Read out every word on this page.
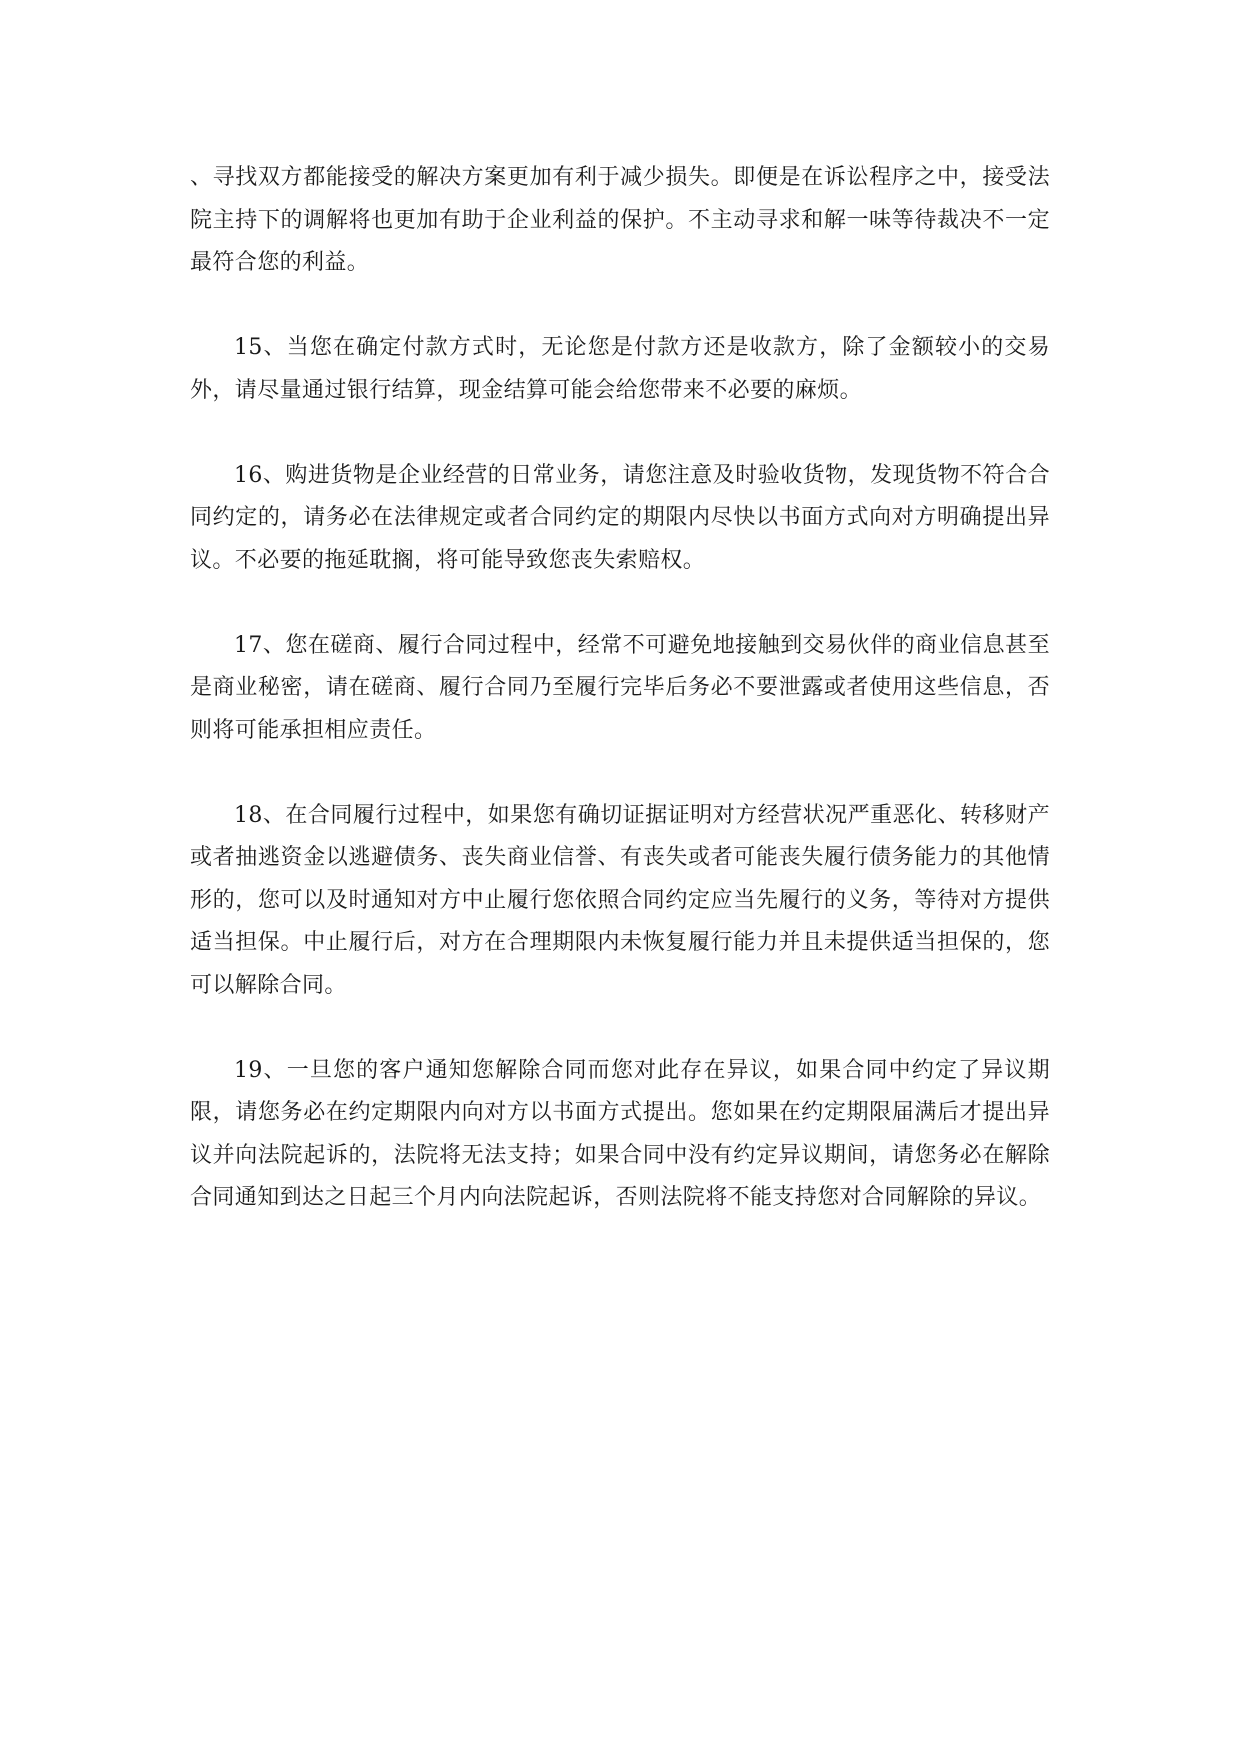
、寻找双方都能接受的解决方案更加有利于减少损失。即便是在诉讼程序之中，接受法院主持下的调解将也更加有助于企业利益的保护。不主动寻求和解一味等待裁决不一定最符合您的利益。

15、当您在确定付款方式时，无论您是付款方还是收款方，除了金额较小的交易外，请尽量通过银行结算，现金结算可能会给您带来不必要的麻烦。

16、购进货物是企业经营的日常业务，请您注意及时验收货物，发现货物不符合合同约定的，请务必在法律规定或者合同约定的期限内尽快以书面方式向对方明确提出异议。不必要的拖延耽搁，将可能导致您丧失索赔权。

17、您在磋商、履行合同过程中，经常不可避免地接触到交易伙伴的商业信息甚至是商业秘密，请在磋商、履行合同乃至履行完毕后务必不要泄露或者使用这些信息，否则将可能承担相应责任。

18、在合同履行过程中，如果您有确切证据证明对方经营状况严重恶化、转移财产或者抽逃资金以逃避债务、丧失商业信誉、有丧失或者可能丧失履行债务能力的其他情形的，您可以及时通知对方中止履行您依照合同约定应当先履行的义务，等待对方提供适当担保。中止履行后，对方在合理期限内未恢复履行能力并且未提供适当担保的，您可以解除合同。

19、一旦您的客户通知您解除合同而您对此存在异议，如果合同中约定了异议期限，请您务必在约定期限内向对方以书面方式提出。您如果在约定期限届满后才提出异议并向法院起诉的，法院将无法支持；如果合同中没有约定异议期间，请您务必在解除合同通知到达之日起三个月内向法院起诉，否则法院将不能支持您对合同解除的异议。
